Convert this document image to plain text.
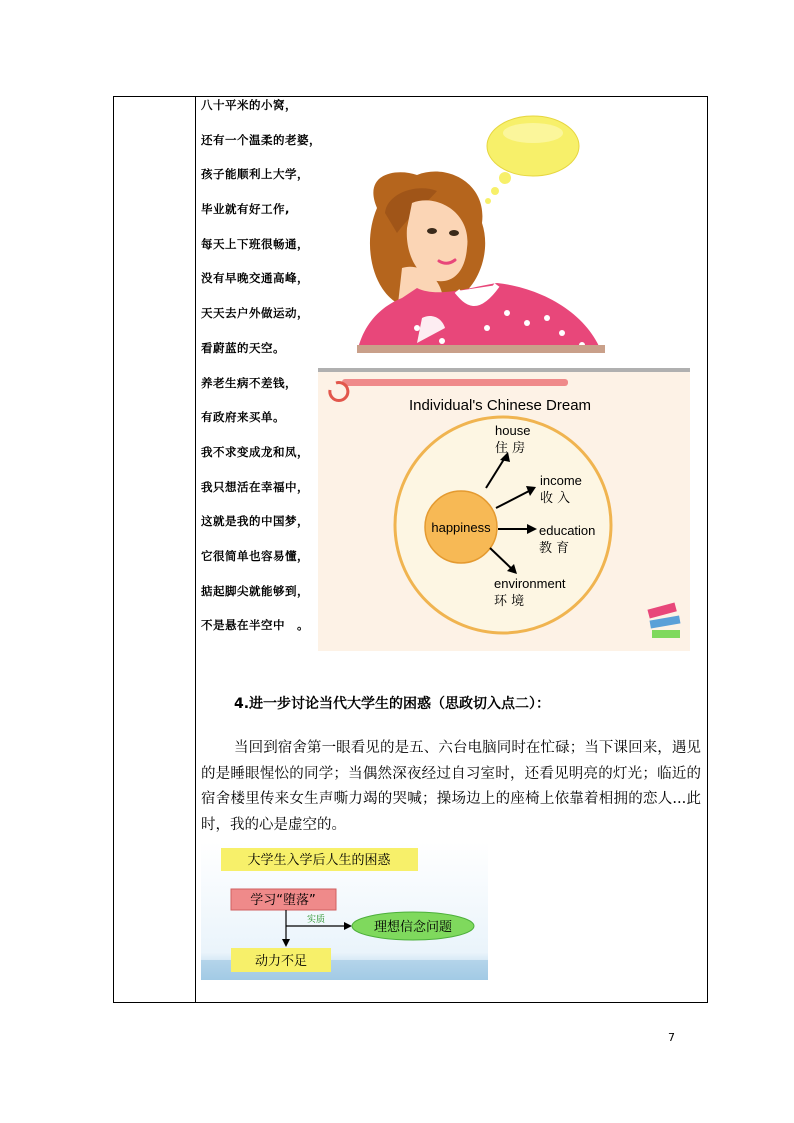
八十平米的小窝，
还有一个温柔的老婆，
孩子能顺利上大学，
毕业就有好工作,
每天上下班很畅通，
没有早晚交通高峰，
天天去户外做运动，
看蔚蓝的天空。
养老生病不差钱，
有政府来买单。
我不求变成龙和凤，
我只想活在幸福中，
这就是我的中国梦，
它很简单也容易懂，
掂起脚尖就能够到，
不是悬在半空中　。
Individual's Chinese Dream
happiness
house
住 房
income
收 入
education
教 育
environment
环 境

4.进一步讨论当代大学生的困惑（思政切入点二）：

当回到宿舍第一眼看见的是五、六台电脑同时在忙碌；当下课回来，遇见的是睡眼惺忪的同学；当偶然深夜经过自习室时，还看见明亮的灯光；临近的宿舍楼里传来女生声嘶力竭的哭喊；操场边上的座椅上依靠着相拥的恋人...此时，我的心是虚空的。

大学生入学后人生的困惑
学习“堕落”
实质	理想信念问题
动力不足
7
